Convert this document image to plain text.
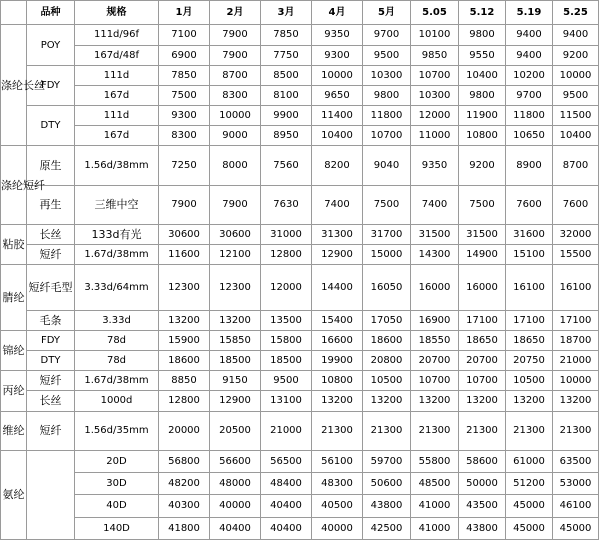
	品种	规格	1月	2月	3月	4月	5月	5.05	5.12	5.19	5.25
涤纶长丝	POY	111d/96f	7100	7900	7850	9350	9700	10100	9800	9400	9400
		167d/48f	6900	7900	7750	9300	9500	9850	9550	9400	9200
	FDY	111d	7850	8700	8500	10000	10300	10700	10400	10200	10000
		167d	7500	8300	8100	9650	9800	10300	9800	9700	9500
	DTY	111d	9300	10000	9900	11400	11800	12000	11900	11800	11500
		167d	8300	9000	8950	10400	10700	11000	10800	10650	10400
涤纶短纤	原生	1.56d/38mm	7250	8000	7560	8200	9040	9350	9200	8900	8700
	再生	三维中空	7900	7900	7630	7400	7500	7400	7500	7600	7600
粘胶	长丝	133d有光	30600	30600	31000	31300	31700	31500	31500	31600	32000
	短纤	1.67d/38mm	11600	12100	12800	12900	15000	14300	14900	15100	15500
腈纶	短纤毛型	3.33d/64mm	12300	12300	12000	14400	16050	16000	16000	16100	16100
	毛条	3.33d	13200	13200	13500	15400	17050	16900	17100	17100	17100
锦纶	FDY	78d	15900	15850	15800	16600	18600	18550	18650	18650	18700
	DTY	78d	18600	18500	18500	19900	20800	20700	20700	20750	21000
丙纶	短纤	1.67d/38mm	8850	9150	9500	10800	10500	10700	10700	10500	10000
	长丝	1000d	12800	12900	13100	13200	13200	13200	13200	13200	13200
维纶	短纤	1.56d/35mm	20000	20500	21000	21300	21300	21300	21300	21300	21300
氨纶		20D	56800	56600	56500	56100	59700	55800	58600	61000	63500
		30D	48200	48000	48400	48300	50600	48500	50000	51200	53000
		40D	40300	40000	40400	40500	43800	41000	43500	45000	46100
		140D	41800	40400	40400	40000	42500	41000	43800	45000	45000
